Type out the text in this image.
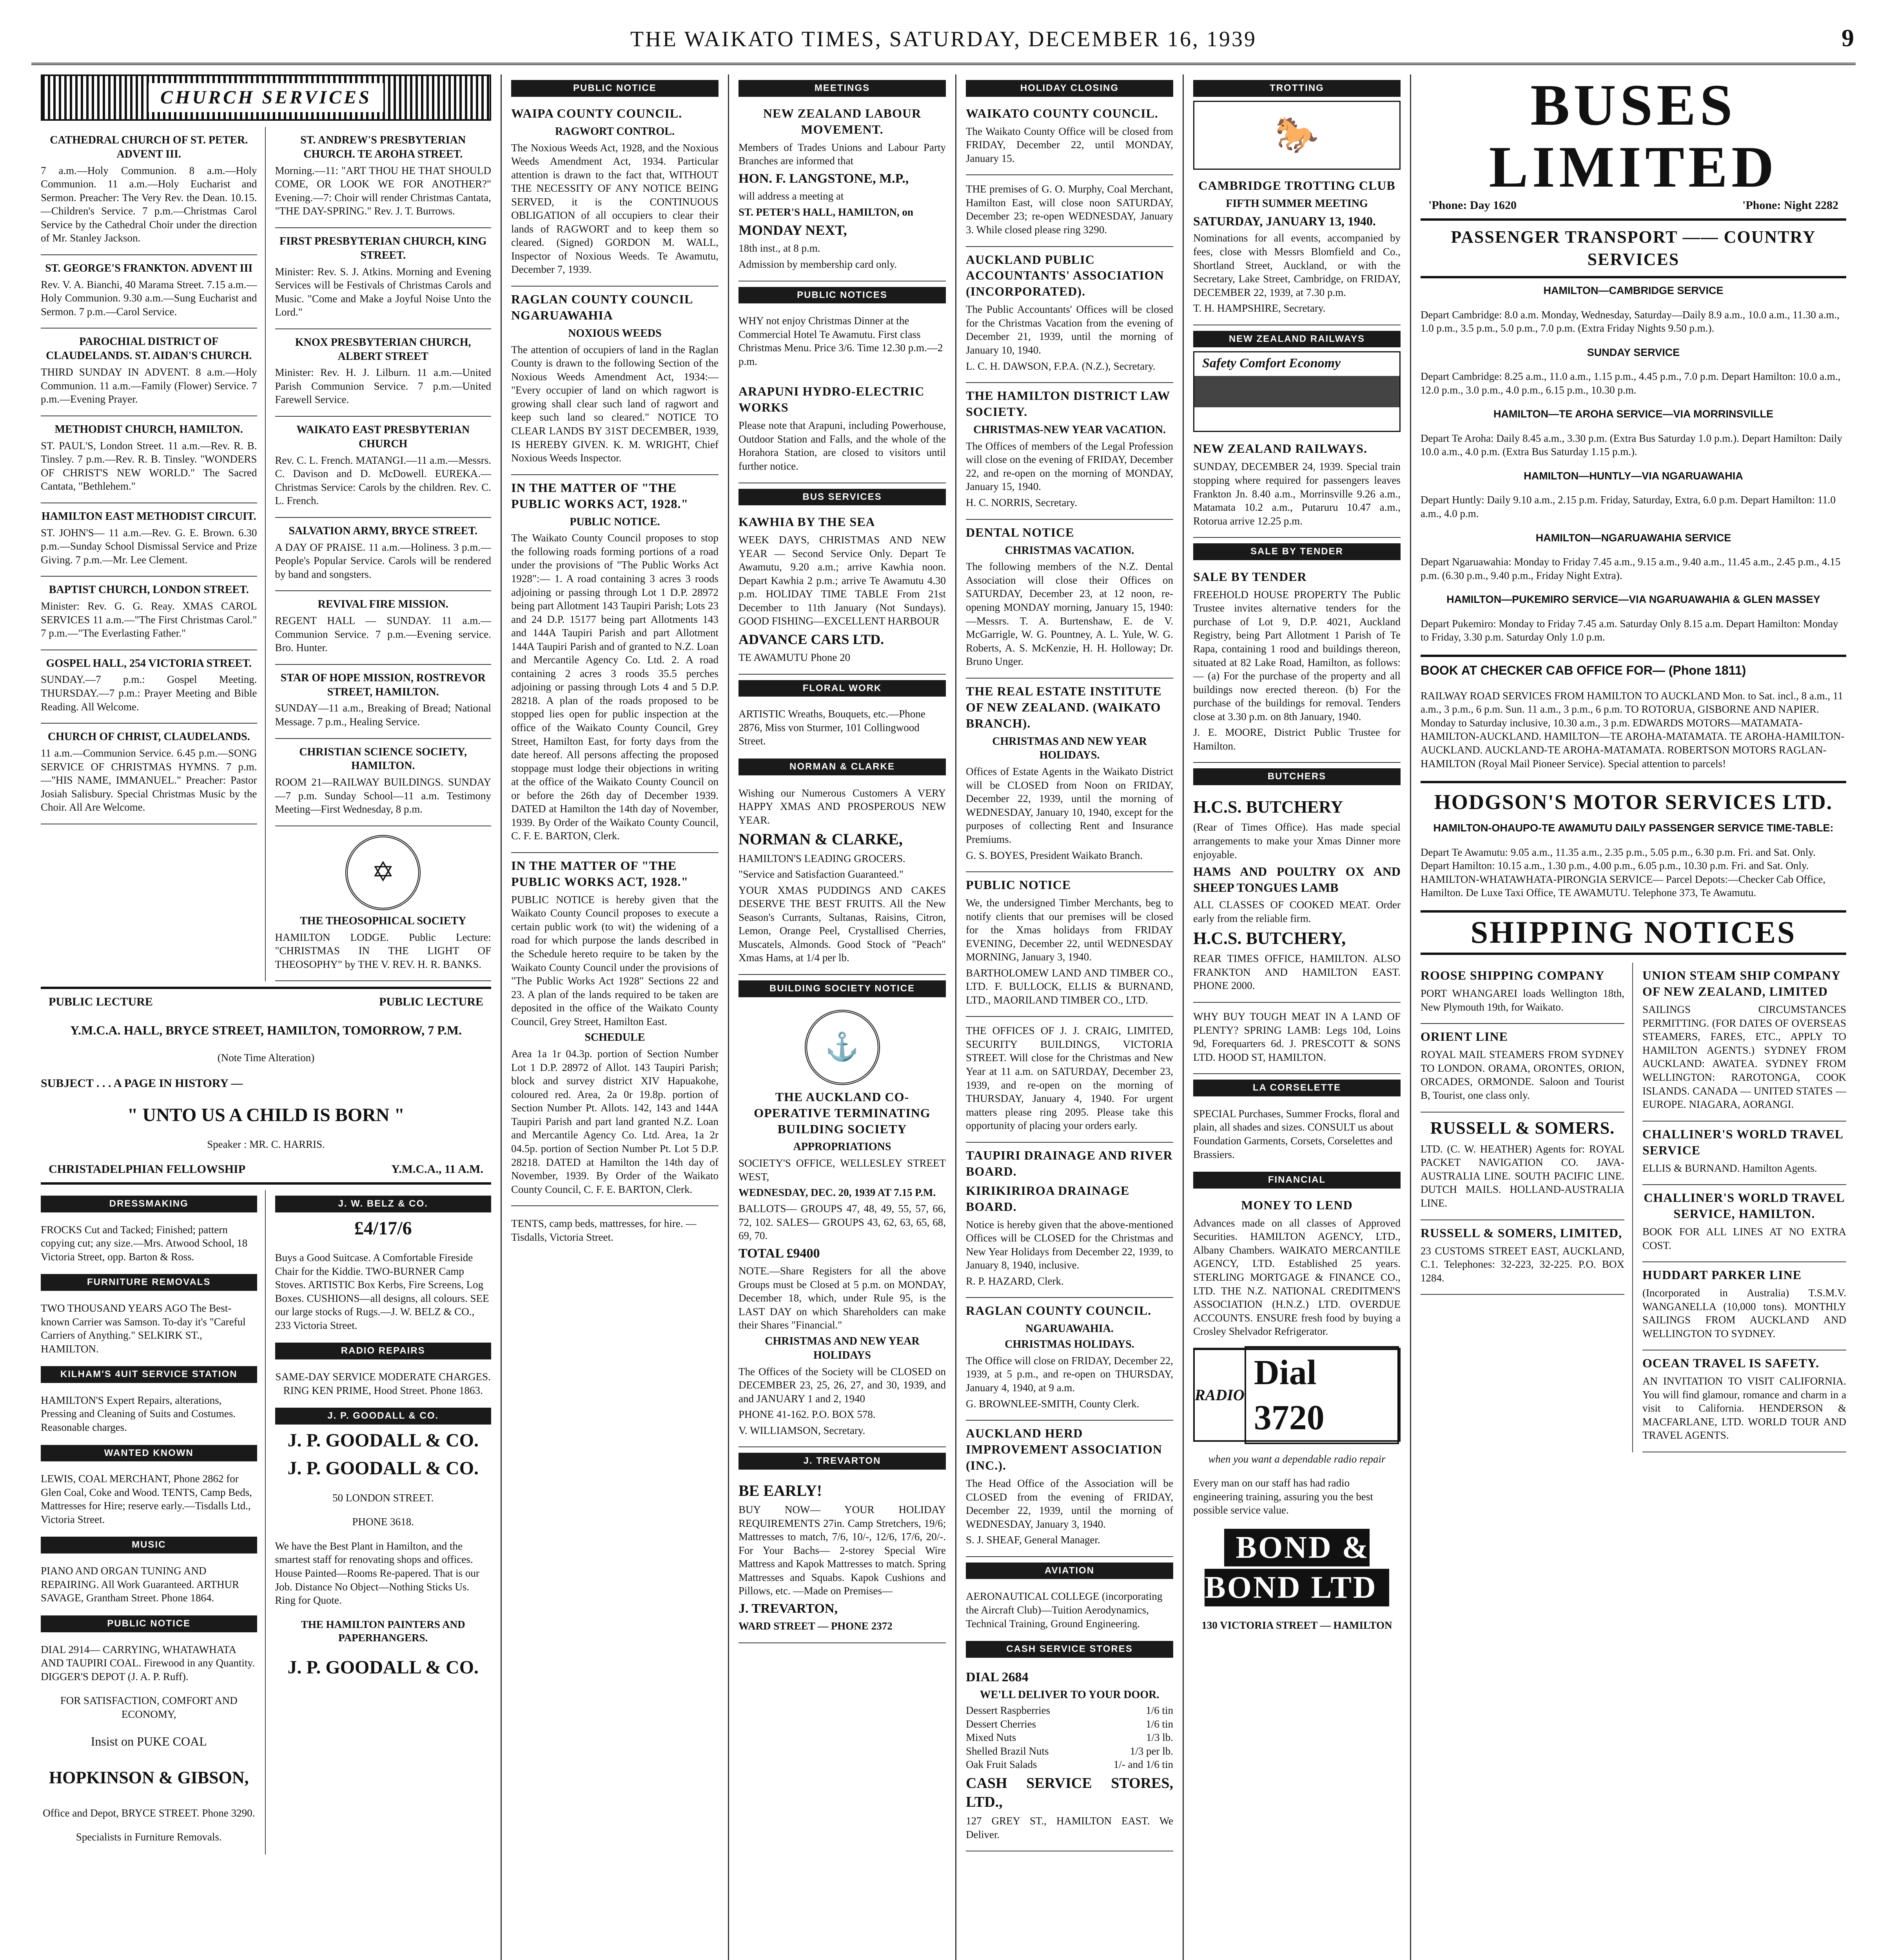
THE WAIKATO TIMES, SATURDAY, DECEMBER 16, 1939	9
CHURCH SERVICES
CATHEDRAL CHURCH OF ST. PETER. ADVENT III.

7 a.m.—Holy Communion. 8 a.m.—Holy Communion. 11 a.m.—Holy Eucharist and Sermon. Preacher: The Very Rev. the Dean. 10.15.—Children's Service. 7 p.m.—Christmas Carol Service by the Cathedral Choir under the direction of Mr. Stanley Jackson.

ST. GEORGE'S FRANKTON. ADVENT III

Rev. V. A. Bianchi, 40 Marama Street. 7.15 a.m.—Holy Communion. 9.30 a.m.—Sung Eucharist and Sermon. 7 p.m.—Carol Service.

PAROCHIAL DISTRICT OF CLAUDELANDS. ST. AIDAN'S CHURCH.

THIRD SUNDAY IN ADVENT. 8 a.m.—Holy Communion. 11 a.m.—Family (Flower) Service. 7 p.m.—Evening Prayer.

METHODIST CHURCH, HAMILTON.

ST. PAUL'S, London Street. 11 a.m.—Rev. R. B. Tinsley. 7 p.m.—Rev. R. B. Tinsley. "WONDERS OF CHRIST'S NEW WORLD." The Sacred Cantata, "Bethlehem."

HAMILTON EAST METHODIST CIRCUIT.

ST. JOHN'S— 11 a.m.—Rev. G. E. Brown. 6.30 p.m.—Sunday School Dismissal Service and Prize Giving. 7 p.m.—Mr. Lee Clement.

BAPTIST CHURCH, LONDON STREET.

Minister: Rev. G. G. Reay. XMAS CAROL SERVICES 11 a.m.—"The First Christmas Carol." 7 p.m.—"The Everlasting Father."

GOSPEL HALL, 254 VICTORIA STREET.

SUNDAY.—7 p.m.: Gospel Meeting. THURSDAY.—7 p.m.: Prayer Meeting and Bible Reading. All Welcome.

CHURCH OF CHRIST, CLAUDELANDS.

11 a.m.—Communion Service. 6.45 p.m.—SONG SERVICE OF CHRISTMAS HYMNS. 7 p.m.—"HIS NAME, IMMANUEL." Preacher: Pastor Josiah Salisbury. Special Christmas Music by the Choir. All Are Welcome.

ST. ANDREW'S PRESBYTERIAN CHURCH. TE AROHA STREET.

Morning.—11: "ART THOU HE THAT SHOULD COME, OR LOOK WE FOR ANOTHER?" Evening.—7: Choir will render Christmas Cantata, "THE DAY-SPRING." Rev. J. T. Burrows.

FIRST PRESBYTERIAN CHURCH, KING STREET.

Minister: Rev. S. J. Atkins. Morning and Evening Services will be Festivals of Christmas Carols and Music. "Come and Make a Joyful Noise Unto the Lord."

KNOX PRESBYTERIAN CHURCH, ALBERT STREET

Minister: Rev. H. J. Lilburn. 11 a.m.—United Parish Communion Service. 7 p.m.—United Farewell Service.

WAIKATO EAST PRESBYTERIAN CHURCH

Rev. C. L. French. MATANGI.—11 a.m.—Messrs. C. Davison and D. McDowell. EUREKA.—Christmas Service: Carols by the children. Rev. C. L. French.

SALVATION ARMY, BRYCE STREET.

A DAY OF PRAISE. 11 a.m.—Holiness. 3 p.m.—People's Popular Service. Carols will be rendered by band and songsters.

REVIVAL FIRE MISSION.

REGENT HALL — SUNDAY. 11 a.m.—Communion Service. 7 p.m.—Evening service. Bro. Hunter.

STAR OF HOPE MISSION, ROSTREVOR STREET, HAMILTON.

SUNDAY—11 a.m., Breaking of Bread; National Message. 7 p.m., Healing Service.

CHRISTIAN SCIENCE SOCIETY, HAMILTON.

ROOM 21—RAILWAY BUILDINGS. SUNDAY—7 p.m. Sunday School—11 a.m. Testimony Meeting—First Wednesday, 8 p.m.

✡
THE THEOSOPHICAL SOCIETY

HAMILTON LODGE. Public Lecture: "CHRISTMAS IN THE LIGHT OF THEOSOPHY" by THE V. REV. H. R. BANKS.

PUBLIC LECTURE	PUBLIC LECTURE

Y.M.C.A. HALL, BRYCE STREET, HAMILTON, TOMORROW, 7 P.M.

(Note Time Alteration)

SUBJECT . . . A PAGE IN HISTORY —

" UNTO US A CHILD IS BORN "

Speaker : MR. C. HARRIS.

CHRISTADELPHIAN FELLOWSHIP	Y.M.C.A., 11 A.M.
DRESSMAKING

FROCKS Cut and Tacked; Finished; pattern copying cut; any size.—Mrs. Atwood School, 18 Victoria Street, opp. Barton & Ross.

FURNITURE REMOVALS

TWO THOUSAND YEARS AGO The Best-known Carrier was Samson. To-day it's "Careful Carriers of Anything." SELKIRK ST., HAMILTON.

KILHAM'S 4UIT SERVICE STATION

HAMILTON'S Expert Repairs, alterations, Pressing and Cleaning of Suits and Costumes. Reasonable charges.

WANTED KNOWN

LEWIS, COAL MERCHANT, Phone 2862 for Glen Coal, Coke and Wood. TENTS, Camp Beds, Mattresses for Hire; reserve early.—Tisdalls Ltd., Victoria Street.

MUSIC

PIANO AND ORGAN TUNING AND REPAIRING. All Work Guaranteed. ARTHUR SAVAGE, Grantham Street. Phone 1864.

PUBLIC NOTICE

DIAL 2914— CARRYING, WHATAWHATA AND TAUPIRI COAL. Firewood in any Quantity. DIGGER'S DEPOT (J. A. P. Ruff).

FOR SATISFACTION, COMFORT AND ECONOMY,

Insist on PUKE COAL

HOPKINSON & GIBSON,

Office and Depot, BRYCE STREET. Phone 3290.

Specialists in Furniture Removals.

J. W. BELZ & CO.
£4/17/6

Buys a Good Suitcase. A Comfortable Fireside Chair for the Kiddie. TWO-BURNER Camp Stoves. ARTISTIC Box Kerbs, Fire Screens, Log Boxes. CUSHIONS—all designs, all colours. SEE our large stocks of Rugs.—J. W. BELZ & CO., 233 Victoria Street.

RADIO REPAIRS

SAME-DAY SERVICE MODERATE CHARGES. RING KEN PRIME, Hood Street. Phone 1863.

J. P. GOODALL & CO.
J. P. GOODALL & CO.
J. P. GOODALL & CO.

50 LONDON STREET.

PHONE 3618.

We have the Best Plant in Hamilton, and the smartest staff for renovating shops and offices. House Painted—Rooms Re-papered. That is our Job. Distance No Object—Nothing Sticks Us. Ring for Quote.

THE HAMILTON PAINTERS AND PAPERHANGERS.

J. P. GOODALL & CO.
PUBLIC NOTICE
WAIPA COUNTY COUNCIL.
RAGWORT CONTROL.

The Noxious Weeds Act, 1928, and the Noxious Weeds Amendment Act, 1934. Particular attention is drawn to the fact that, WITHOUT THE NECESSITY OF ANY NOTICE BEING SERVED, it is the CONTINUOUS OBLIGATION of all occupiers to clear their lands of RAGWORT and to keep them so cleared. (Signed) GORDON M. WALL, Inspector of Noxious Weeds. Te Awamutu, December 7, 1939.

RAGLAN COUNTY COUNCIL NGARUAWAHIA
NOXIOUS WEEDS

The attention of occupiers of land in the Raglan County is drawn to the following Section of the Noxious Weeds Amendment Act, 1934:— "Every occupier of land on which ragwort is growing shall clear such land of ragwort and keep such land so cleared." NOTICE TO CLEAR LANDS BY 31ST DECEMBER, 1939, IS HEREBY GIVEN. K. M. WRIGHT, Chief Noxious Weeds Inspector.

IN THE MATTER OF "THE PUBLIC WORKS ACT, 1928."
PUBLIC NOTICE.

The Waikato County Council proposes to stop the following roads forming portions of a road under the provisions of "The Public Works Act 1928":— 1. A road containing 3 acres 3 roods adjoining or passing through Lot 1 D.P. 28972 being part Allotment 143 Taupiri Parish; Lots 23 and 24 D.P. 15177 being part Allotments 143 and 144A Taupiri Parish and part Allotment 144A Taupiri Parish and of granted to N.Z. Loan and Mercantile Agency Co. Ltd. 2. A road containing 2 acres 3 roods 35.5 perches adjoining or passing through Lots 4 and 5 D.P. 28218. A plan of the roads proposed to be stopped lies open for public inspection at the office of the Waikato County Council, Grey Street, Hamilton East, for forty days from the date hereof. All persons affecting the proposed stoppage must lodge their objections in writing at the office of the Waikato County Council on or before the 26th day of December 1939. DATED at Hamilton the 14th day of November, 1939. By Order of the Waikato County Council, C. F. E. BARTON, Clerk.

IN THE MATTER OF "THE PUBLIC WORKS ACT, 1928."

PUBLIC NOTICE is hereby given that the Waikato County Council proposes to execute a certain public work (to wit) the widening of a road for which purpose the lands described in the Schedule hereto require to be taken by the Waikato County Council under the provisions of "The Public Works Act 1928" Sections 22 and 23. A plan of the lands required to be taken are deposited in the office of the Waikato County Council, Grey Street, Hamilton East.

SCHEDULE

Area 1a 1r 04.3p. portion of Section Number Lot 1 D.P. 28972 of Allot. 143 Taupiri Parish; block and survey district XIV Hapuakohe, coloured red. Area, 2a 0r 19.8p. portion of Section Number Pt. Allots. 142, 143 and 144A Taupiri Parish and part land granted N.Z. Loan and Mercantile Agency Co. Ltd. Area, 1a 2r 04.5p. portion of Section Number Pt. Lot 5 D.P. 28218. DATED at Hamilton the 14th day of November, 1939. By Order of the Waikato County Council, C. F. E. BARTON, Clerk.

TENTS, camp beds, mattresses, for hire. —Tisdalls, Victoria Street.

MEETINGS
NEW ZEALAND LABOUR MOVEMENT.

Members of Trades Unions and Labour Party Branches are informed that

HON. F. LANGSTONE, M.P.,

will address a meeting at

ST. PETER'S HALL, HAMILTON, on

MONDAY NEXT,

18th inst., at 8 p.m.

Admission by membership card only.

PUBLIC NOTICES

WHY not enjoy Christmas Dinner at the Commercial Hotel Te Awamutu. First class Christmas Menu. Price 3/6. Time 12.30 p.m.—2 p.m.

ARAPUNI HYDRO-ELECTRIC WORKS

Please note that Arapuni, including Powerhouse, Outdoor Station and Falls, and the whole of the Horahora Station, are closed to visitors until further notice.

BUS SERVICES
KAWHIA BY THE SEA

WEEK DAYS, CHRISTMAS AND NEW YEAR — Second Service Only. Depart Te Awamutu, 9.20 a.m.; arrive Kawhia noon. Depart Kawhia 2 p.m.; arrive Te Awamutu 4.30 p.m. HOLIDAY TIME TABLE From 21st December to 11th January (Not Sundays). GOOD FISHING—EXCELLENT HARBOUR

ADVANCE CARS LTD.

TE AWAMUTU Phone 20

FLORAL WORK

ARTISTIC Wreaths, Bouquets, etc.—Phone 2876, Miss von Sturmer, 101 Collingwood Street.

NORMAN & CLARKE

Wishing our Numerous Customers A VERY HAPPY XMAS AND PROSPEROUS NEW YEAR.

NORMAN & CLARKE,

HAMILTON'S LEADING GROCERS.

"Service and Satisfaction Guaranteed."

YOUR XMAS PUDDINGS AND CAKES DESERVE THE BEST FRUITS. All the New Season's Currants, Sultanas, Raisins, Citron, Lemon, Orange Peel, Crystallised Cherries, Muscatels, Almonds. Good Stock of "Peach" Xmas Hams, at 1/4 per lb.

BUILDING SOCIETY NOTICE
⚓
THE AUCKLAND CO-OPERATIVE TERMINATING BUILDING SOCIETY
APPROPRIATIONS

SOCIETY'S OFFICE, WELLESLEY STREET WEST,

WEDNESDAY, DEC. 20, 1939 AT 7.15 P.M.

BALLOTS— GROUPS 47, 48, 49, 55, 57, 66, 72, 102. SALES— GROUPS 43, 62, 63, 65, 68, 69, 70.

TOTAL £9400

NOTE.—Share Registers for all the above Groups must be Closed at 5 p.m. on MONDAY, December 18, which, under Rule 95, is the LAST DAY on which Shareholders can make their Shares "Financial."

CHRISTMAS AND NEW YEAR HOLIDAYS

The Offices of the Society will be CLOSED on DECEMBER 23, 25, 26, 27, and 30, 1939, and and JANUARY 1 and 2, 1940

PHONE 41-162. P.O. BOX 578.

V. WILLIAMSON, Secretary.

J. TREVARTON

BE EARLY!

BUY NOW— YOUR HOLIDAY REQUIREMENTS 27in. Camp Stretchers, 19/6; Mattresses to match, 7/6, 10/-, 12/6, 17/6, 20/-. For Your Bachs— 2-storey Special Wire Mattress and Kapok Mattresses to match. Spring Mattresses and Squabs. Kapok Cushions and Pillows, etc. —Made on Premises—

J. TREVARTON,

WARD STREET — PHONE 2372

HOLIDAY CLOSING
WAIKATO COUNTY COUNCIL.

The Waikato County Office will be closed from FRIDAY, December 22, until MONDAY, January 15.

THE premises of G. O. Murphy, Coal Merchant, Hamilton East, will close noon SATURDAY, December 23; re-open WEDNESDAY, January 3. While closed please ring 3290.

AUCKLAND PUBLIC ACCOUNTANTS' ASSOCIATION (INCORPORATED).

The Public Accountants' Offices will be closed for the Christmas Vacation from the evening of December 21, 1939, until the morning of January 10, 1940.

L. C. H. DAWSON, F.P.A. (N.Z.), Secretary.

THE HAMILTON DISTRICT LAW SOCIETY.
CHRISTMAS-NEW YEAR VACATION.

The Offices of members of the Legal Profession will close on the evening of FRIDAY, December 22, and re-open on the morning of MONDAY, January 15, 1940.

H. C. NORRIS, Secretary.

DENTAL NOTICE
CHRISTMAS VACATION.

The following members of the N.Z. Dental Association will close their Offices on SATURDAY, December 23, at 12 noon, re-opening MONDAY morning, January 15, 1940:—Messrs. T. A. Burtenshaw, E. de V. McGarrigle, W. G. Pountney, A. L. Yule, W. G. Roberts, A. S. McKenzie, H. H. Holloway; Dr. Bruno Unger.

THE REAL ESTATE INSTITUTE OF NEW ZEALAND. (WAIKATO BRANCH).
CHRISTMAS AND NEW YEAR HOLIDAYS.

Offices of Estate Agents in the Waikato District will be CLOSED from Noon on FRIDAY, December 22, 1939, until the morning of WEDNESDAY, January 10, 1940, except for the purposes of collecting Rent and Insurance Premiums.

G. S. BOYES, President Waikato Branch.

PUBLIC NOTICE

We, the undersigned Timber Merchants, beg to notify clients that our premises will be closed for the Xmas holidays from FRIDAY EVENING, December 22, until WEDNESDAY MORNING, January 3, 1940.

BARTHOLOMEW LAND AND TIMBER CO., LTD. F. BULLOCK, ELLIS & BURNAND, LTD., MAORILAND TIMBER CO., LTD.

THE OFFICES OF J. J. CRAIG, LIMITED, SECURITY BUILDINGS, VICTORIA STREET. Will close for the Christmas and New Year at 11 a.m. on SATURDAY, December 23, 1939, and re-open on the morning of THURSDAY, January 4, 1940. For urgent matters please ring 2095. Please take this opportunity of placing your orders early.

TAUPIRI DRAINAGE AND RIVER BOARD.
KIRIKIRIROA DRAINAGE BOARD.

Notice is hereby given that the above-mentioned Offices will be CLOSED for the Christmas and New Year Holidays from December 22, 1939, to January 8, 1940, inclusive.

R. P. HAZARD, Clerk.

RAGLAN COUNTY COUNCIL.
NGARUAWAHIA.
CHRISTMAS HOLIDAYS.

The Office will close on FRIDAY, December 22, 1939, at 5 p.m., and re-open on THURSDAY, January 4, 1940, at 9 a.m.

G. BROWNLEE-SMITH, County Clerk.

AUCKLAND HERD IMPROVEMENT ASSOCIATION (INC.).

The Head Office of the Association will be CLOSED from the evening of FRIDAY, December 22, 1939, until the morning of WEDNESDAY, January 3, 1940.

S. J. SHEAF, General Manager.

AVIATION

AERONAUTICAL COLLEGE (incorporating the Aircraft Club)—Tuition Aerodynamics, Technical Training, Ground Engineering.

CASH SERVICE STORES

DIAL 2684

WE'LL DELIVER TO YOUR DOOR.
Dessert Raspberries	1/6 tin
Dessert Cherries	1/6 tin
Mixed Nuts	1/3 lb.
Shelled Brazil Nuts	1/3 per lb.
Oak Fruit Salads	1/- and 1/6 tin

CASH SERVICE STORES, LTD.,

127 GREY ST., HAMILTON EAST. We Deliver.

TROTTING
🐎
CAMBRIDGE TROTTING CLUB
FIFTH SUMMER MEETING

SATURDAY, JANUARY 13, 1940.

Nominations for all events, accompanied by fees, close with Messrs Blomfield and Co., Shortland Street, Auckland, or with the Secretary, Lake Street, Cambridge, on FRIDAY, DECEMBER 22, 1939, at 7.30 p.m.

T. H. HAMPSHIRE, Secretary.

NEW ZEALAND RAILWAYS
Safety Comfort Economy
NEW ZEALAND RAILWAYS.

SUNDAY, DECEMBER 24, 1939. Special train stopping where required for passengers leaves Frankton Jn. 8.40 a.m., Morrinsville 9.26 a.m., Matamata 10.2 a.m., Putaruru 10.47 a.m., Rotorua arrive 12.25 p.m.

SALE BY TENDER
SALE BY TENDER

FREEHOLD HOUSE PROPERTY The Public Trustee invites alternative tenders for the purchase of Lot 9, D.P. 4021, Auckland Registry, being Part Allotment 1 Parish of Te Rapa, containing 1 rood and buildings thereon, situated at 82 Lake Road, Hamilton, as follows:— (a) For the purchase of the property and all buildings now erected thereon. (b) For the purchase of the buildings for removal. Tenders close at 3.30 p.m. on 8th January, 1940.

J. E. MOORE, District Public Trustee for Hamilton.

BUTCHERS

H.C.S. BUTCHERY

(Rear of Times Office). Has made special arrangements to make your Xmas Dinner more enjoyable.

HAMS AND POULTRY OX AND SHEEP TONGUES LAMB

ALL CLASSES OF COOKED MEAT. Order early from the reliable firm.

H.C.S. BUTCHERY,

REAR TIMES OFFICE, HAMILTON. ALSO FRANKTON AND HAMILTON EAST. PHONE 2000.

WHY BUY TOUGH MEAT IN A LAND OF PLENTY? SPRING LAMB: Legs 10d, Loins 9d, Forequarters 6d. J. PRESCOTT & SONS LTD. HOOD ST, HAMILTON.

LA CORSELETTE

SPECIAL Purchases, Summer Frocks, floral and plain, all shades and sizes. CONSULT us about Foundation Garments, Corsets, Corselettes and Brassiers.

FINANCIAL
MONEY TO LEND

Advances made on all classes of Approved Securities. HAMILTON AGENCY, LTD., Albany Chambers. WAIKATO MERCANTILE AGENCY, LTD. Established 25 years. STERLING MORTGAGE & FINANCE CO., LTD. THE N.Z. NATIONAL CREDITMEN'S ASSOCIATION (H.N.Z.) LTD. OVERDUE ACCOUNTS. ENSURE fresh food by buying a Crosley Shelvador Refrigerator.

RADIO
Dial 3720

when you want a dependable radio repair

Every man on our staff has had radio engineering training, assuring you the best possible service value.

BOND & BOND LTD

130 VICTORIA STREET — HAMILTON

BUSES LIMITED
'Phone: Day 1620	'Phone: Night 2282
PASSENGER TRANSPORT —— COUNTRY SERVICES
HAMILTON—CAMBRIDGE SERVICE

Depart Cambridge: 8.0 a.m. Monday, Wednesday, Saturday—Daily 8.9 a.m., 10.0 a.m., 11.30 a.m., 1.0 p.m., 3.5 p.m., 5.0 p.m., 7.0 p.m. (Extra Friday Nights 9.50 p.m.).

SUNDAY SERVICE

Depart Cambridge: 8.25 a.m., 11.0 a.m., 1.15 p.m., 4.45 p.m., 7.0 p.m. Depart Hamilton: 10.0 a.m., 12.0 p.m., 3.0 p.m., 4.0 p.m., 6.15 p.m., 10.30 p.m.

HAMILTON—TE AROHA SERVICE—VIA MORRINSVILLE

Depart Te Aroha: Daily 8.45 a.m., 3.30 p.m. (Extra Bus Saturday 1.0 p.m.). Depart Hamilton: Daily 10.0 a.m., 4.0 p.m. (Extra Bus Saturday 1.15 p.m.).

HAMILTON—HUNTLY—VIA NGARUAWAHIA

Depart Huntly: Daily 9.10 a.m., 2.15 p.m. Friday, Saturday, Extra, 6.0 p.m. Depart Hamilton: 11.0 a.m., 4.0 p.m.

HAMILTON—NGARUAWAHIA SERVICE

Depart Ngaruawahia: Monday to Friday 7.45 a.m., 9.15 a.m., 9.40 a.m., 11.45 a.m., 2.45 p.m., 4.15 p.m. (6.30 p.m., 9.40 p.m., Friday Night Extra).

HAMILTON—PUKEMIRO SERVICE—VIA NGARUAWAHIA & GLEN MASSEY

Depart Pukemiro: Monday to Friday 7.45 a.m. Saturday Only 8.15 a.m. Depart Hamilton: Monday to Friday, 3.30 p.m. Saturday Only 1.0 p.m.

BOOK AT CHECKER CAB OFFICE FOR— (Phone 1811)

RAILWAY ROAD SERVICES FROM HAMILTON TO AUCKLAND Mon. to Sat. incl., 8 a.m., 11 a.m., 3 p.m., 6 p.m. Sun. 11 a.m., 3 p.m., 6 p.m. TO ROTORUA, GISBORNE AND NAPIER. Monday to Saturday inclusive, 10.30 a.m., 3 p.m. EDWARDS MOTORS—MATAMATA-HAMILTON-AUCKLAND. HAMILTON—TE AROHA-MATAMATA. TE AROHA-HAMILTON-AUCKLAND. AUCKLAND-TE AROHA-MATAMATA. ROBERTSON MOTORS RAGLAN-HAMILTON (Royal Mail Pioneer Service). Special attention to parcels!

HODGSON'S MOTOR SERVICES LTD.
HAMILTON-OHAUPO-TE AWAMUTU DAILY PASSENGER SERVICE TIME-TABLE:

Depart Te Awamutu: 9.05 a.m., 11.35 a.m., 2.35 p.m., 5.05 p.m., 6.30 p.m. Fri. and Sat. Only. Depart Hamilton: 10.15 a.m., 1.30 p.m., 4.00 p.m., 6.05 p.m., 10.30 p.m. Fri. and Sat. Only. HAMILTON-WHATAWHATA-PIRONGIA SERVICE— Parcel Depots:—Checker Cab Office, Hamilton. De Luxe Taxi Office, TE AWAMUTU. Telephone 373, Te Awamutu.

SHIPPING NOTICES
ROOSE SHIPPING COMPANY

PORT WHANGAREI loads Wellington 18th, New Plymouth 19th, for Waikato.

ORIENT LINE

ROYAL MAIL STEAMERS FROM SYDNEY TO LONDON. ORAMA, ORONTES, ORION, ORCADES, ORMONDE. Saloon and Tourist B, Tourist, one class only.

RUSSELL & SOMERS.

LTD. (C. W. HEATHER) Agents for: ROYAL PACKET NAVIGATION CO. JAVA-AUSTRALIA LINE. SOUTH PACIFIC LINE. DUTCH MAILS. HOLLAND-AUSTRALIA LINE.

RUSSELL & SOMERS, LIMITED,

23 CUSTOMS STREET EAST, AUCKLAND, C.1. Telephones: 32-223, 32-225. P.O. BOX 1284.

UNION STEAM SHIP COMPANY OF NEW ZEALAND, LIMITED

SAILINGS CIRCUMSTANCES PERMITTING. (FOR DATES OF OVERSEAS STEAMERS, FARES, ETC., APPLY TO HAMILTON AGENTS.) SYDNEY FROM AUCKLAND: AWATEA. SYDNEY FROM WELLINGTON: RAROTONGA, COOK ISLANDS. CANADA — UNITED STATES — EUROPE. NIAGARA, AORANGI.

CHALLINER'S WORLD TRAVEL SERVICE

ELLIS & BURNAND. Hamilton Agents.

CHALLINER'S WORLD TRAVEL SERVICE, HAMILTON.

BOOK FOR ALL LINES AT NO EXTRA COST.

HUDDART PARKER LINE

(Incorporated in Australia) T.S.M.V. WANGANELLA (10,000 tons). MONTHLY SAILINGS FROM AUCKLAND AND WELLINGTON TO SYDNEY.

OCEAN TRAVEL IS SAFETY.

AN INVITATION TO VISIT CALIFORNIA. You will find glamour, romance and charm in a visit to California. HENDERSON & MACFARLANE, LTD. WORLD TOUR AND TRAVEL AGENTS.
